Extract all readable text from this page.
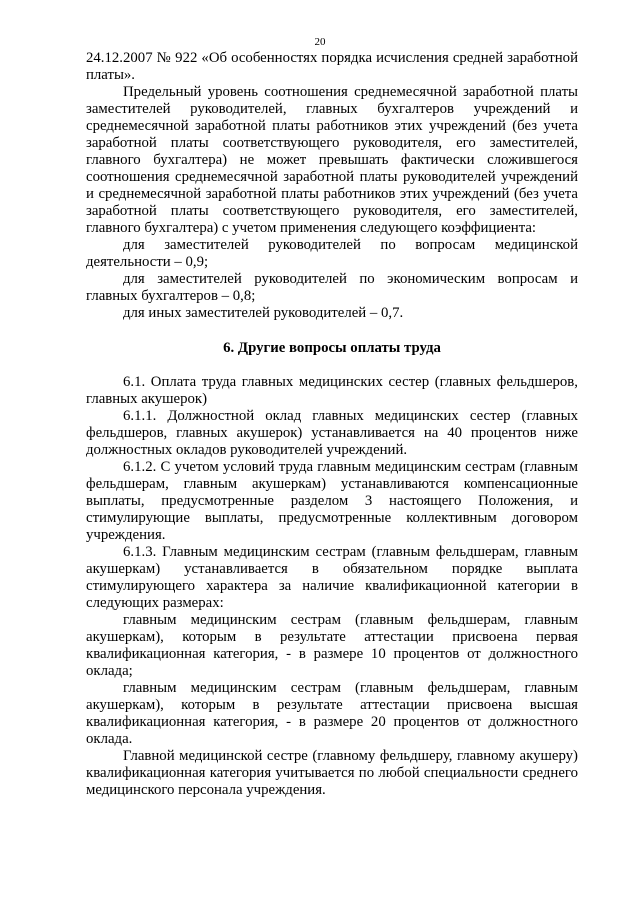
20

24.12.2007 № 922 «Об особенностях порядка исчисления средней заработной платы».

Предельный уровень соотношения среднемесячной заработной платы заместителей руководителей, главных бухгалтеров учреждений и среднемесячной заработной платы работников этих учреждений (без учета заработной платы соответствующего руководителя, его заместителей, главного бухгалтера) не может превышать фактически сложившегося соотношения среднемесячной заработной платы руководителей учреждений и среднемесячной заработной платы работников этих учреждений (без учета заработной платы соответствующего руководителя, его заместителей, главного бухгалтера) с учетом применения следующего коэффициента:

для заместителей руководителей по вопросам медицинской деятельности – 0,9;

для заместителей руководителей по экономическим вопросам и главных бухгалтеров – 0,8;

для иных заместителей руководителей – 0,7.

6. Другие вопросы оплаты труда

6.1. Оплата труда главных медицинских сестер (главных фельдшеров, главных акушерок)

6.1.1. Должностной оклад главных медицинских сестер (главных фельдшеров, главных акушерок) устанавливается на 40 процентов ниже должностных окладов руководителей учреждений.

6.1.2. С учетом условий труда главным медицинским сестрам (главным фельдшерам, главным акушеркам) устанавливаются компенсационные выплаты, предусмотренные разделом 3 настоящего Положения, и стимулирующие выплаты, предусмотренные коллективным договором учреждения.

6.1.3. Главным медицинским сестрам (главным фельдшерам, главным акушеркам) устанавливается в обязательном порядке выплата стимулирующего характера за наличие квалификационной категории в следующих размерах:

главным медицинским сестрам (главным фельдшерам, главным акушеркам), которым в результате аттестации присвоена первая квалификационная категория, - в размере 10 процентов от должностного оклада;

главным медицинским сестрам (главным фельдшерам, главным акушеркам), которым в результате аттестации присвоена высшая квалификационная категория, - в размере 20 процентов от должностного оклада.

Главной медицинской сестре (главному фельдшеру, главному акушеру) квалификационная категория учитывается по любой специальности среднего медицинского персонала учреждения.
